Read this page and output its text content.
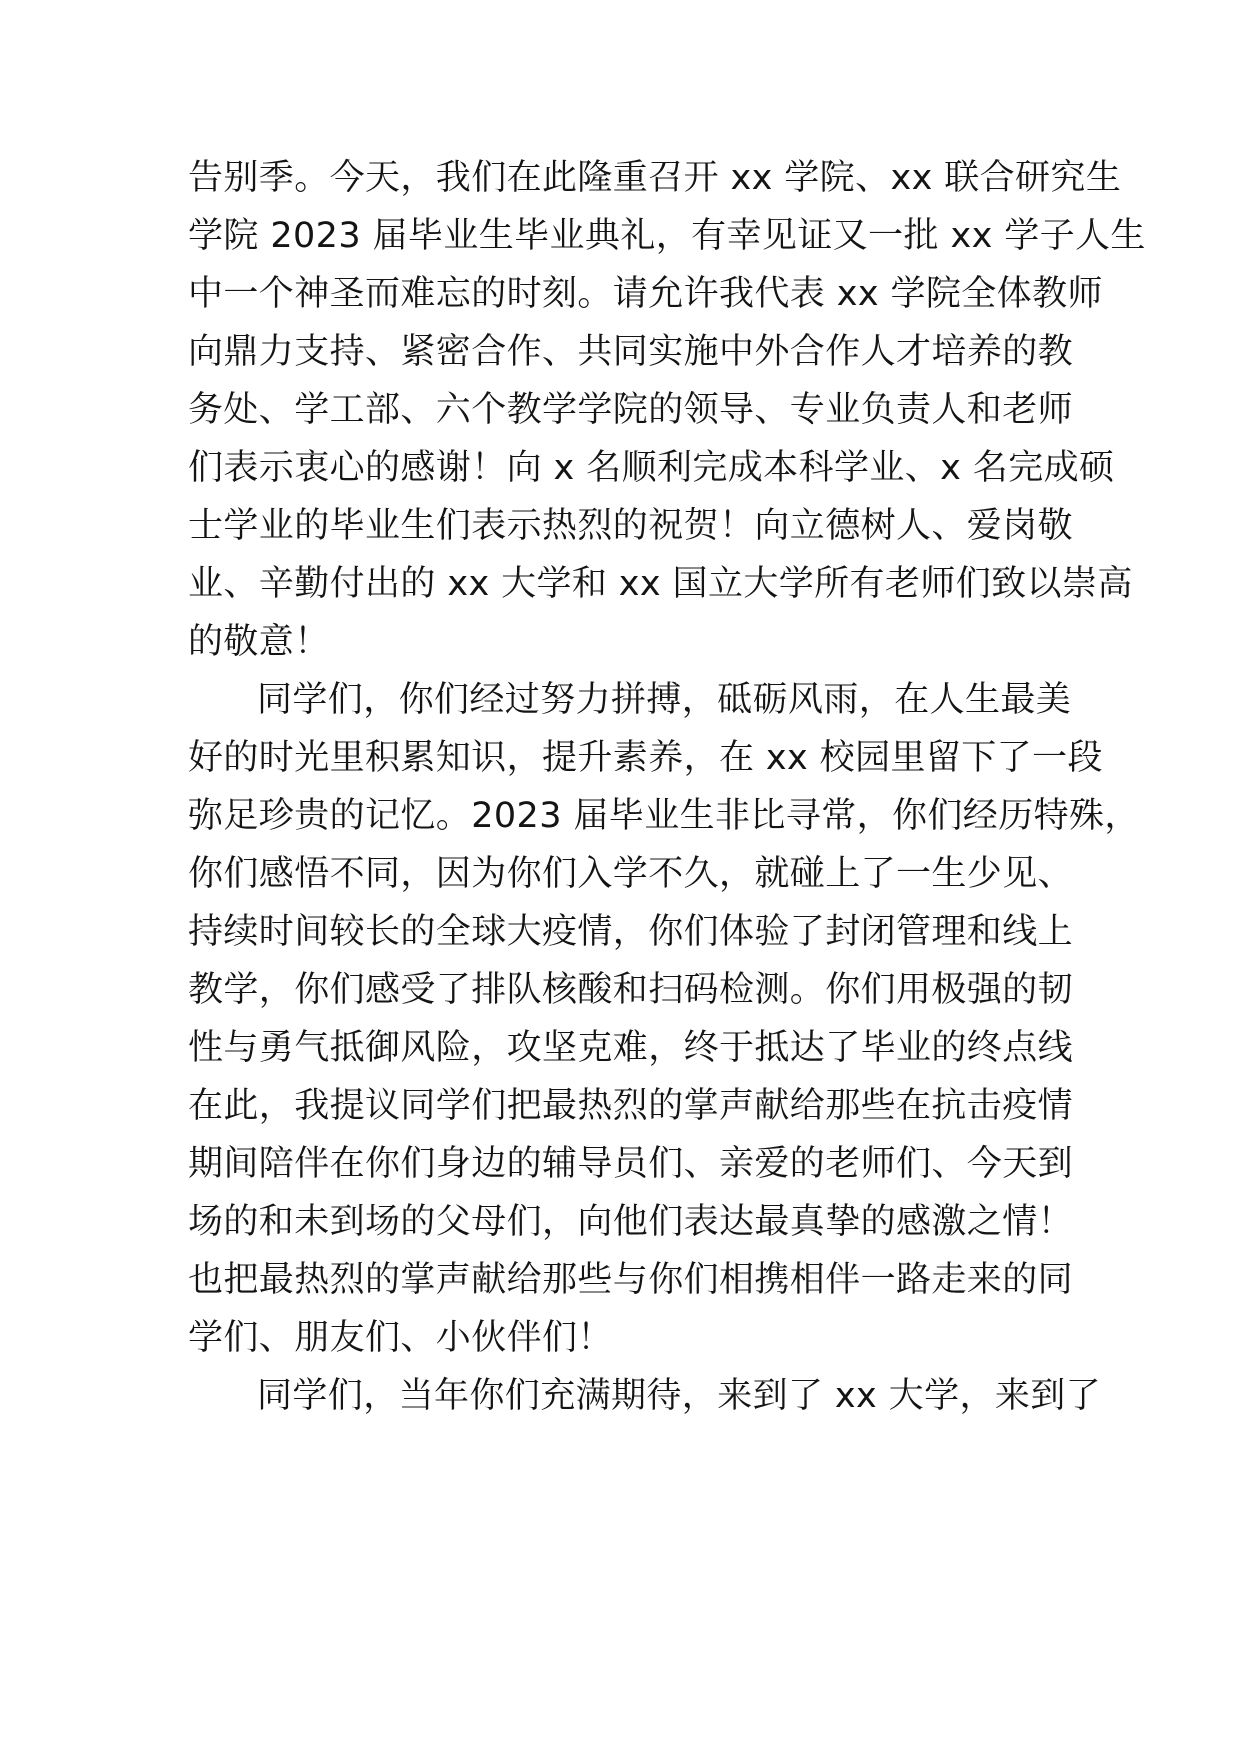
告别季。今天，我们在此隆重召开 xx 学院、xx 联合研究生
学院 2023 届毕业生毕业典礼，有幸见证又一批 xx 学子人生
中一个神圣而难忘的时刻。请允许我代表 xx 学院全体教师
向鼎力支持、紧密合作、共同实施中外合作人才培养的教
务处、学工部、六个教学学院的领导、专业负责人和老师
们表示衷心的感谢！向 x 名顺利完成本科学业、x 名完成硕
士学业的毕业生们表示热烈的祝贺！向立德树人、爱岗敬
业、辛勤付出的 xx 大学和 xx 国立大学所有老师们致以崇高
的敬意！
同学们，你们经过努力拼搏，砥砺风雨，在人生最美
好的时光里积累知识，提升素养，在 xx 校园里留下了一段
弥足珍贵的记忆。2023 届毕业生非比寻常，你们经历特殊，
你们感悟不同，因为你们入学不久，就碰上了一生少见、
持续时间较长的全球大疫情，你们体验了封闭管理和线上
教学，你们感受了排队核酸和扫码检测。你们用极强的韧
性与勇气抵御风险，攻坚克难，终于抵达了毕业的终点线
在此，我提议同学们把最热烈的掌声献给那些在抗击疫情
期间陪伴在你们身边的辅导员们、亲爱的老师们、今天到
场的和未到场的父母们，向他们表达最真挚的感激之情！
也把最热烈的掌声献给那些与你们相携相伴一路走来的同
学们、朋友们、小伙伴们！
同学们，当年你们充满期待，来到了 xx 大学，来到了
